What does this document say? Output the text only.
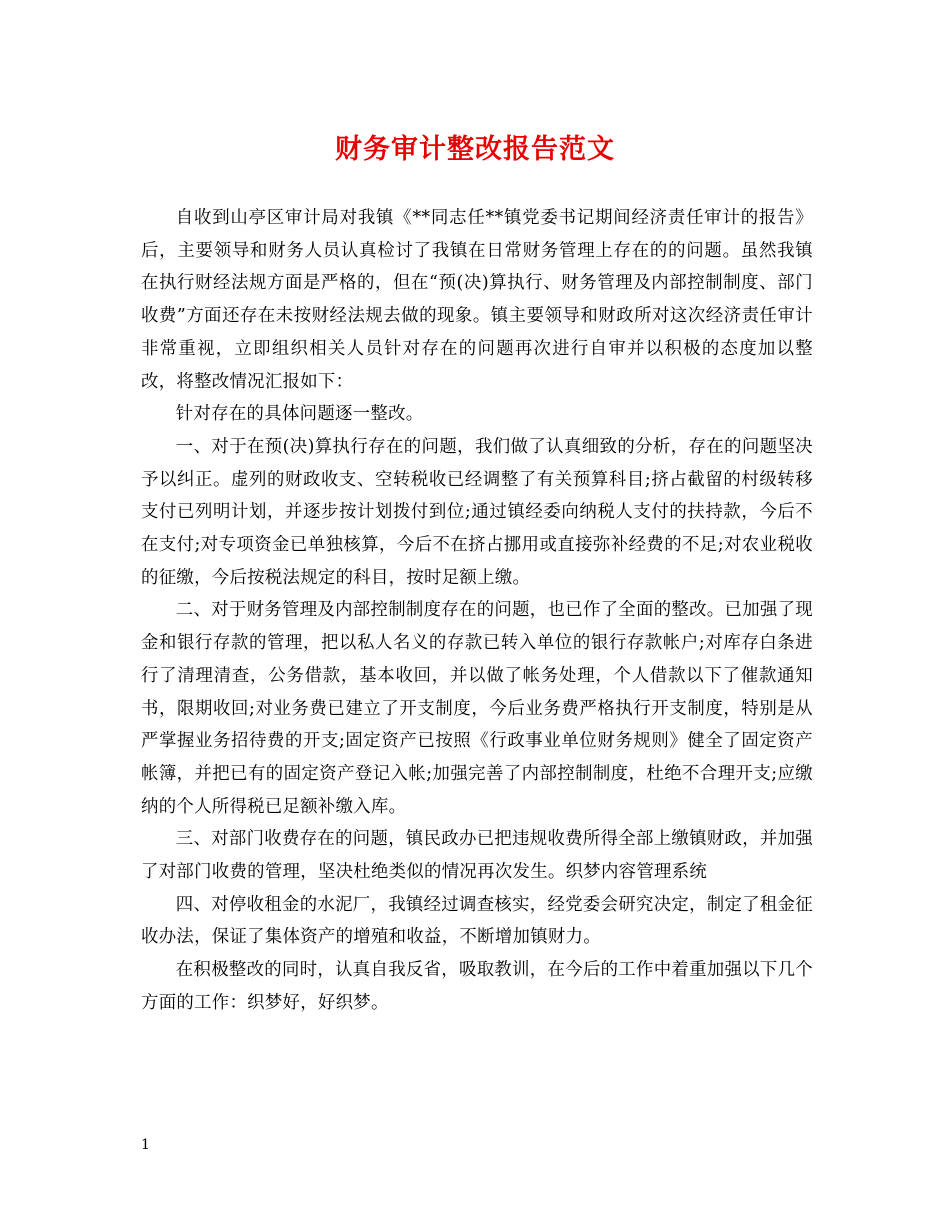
财务审计整改报告范文

自收到山亭区审计局对我镇《**同志任**镇党委书记期间经济责任审计的报告》后，主要领导和财务人员认真检讨了我镇在日常财务管理上存在的的问题。虽然我镇在执行财经法规方面是严格的，但在“预(决)算执行、财务管理及内部控制制度、部门收费”方面还存在未按财经法规去做的现象。镇主要领导和财政所对这次经济责任审计非常重视，立即组织相关人员针对存在的问题再次进行自审并以积极的态度加以整改，将整改情况汇报如下：

针对存在的具体问题逐一整改。

一、对于在预(决)算执行存在的问题，我们做了认真细致的分析，存在的问题坚决予以纠正。虚列的财政收支、空转税收已经调整了有关预算科目;挤占截留的村级转移支付已列明计划，并逐步按计划拨付到位;通过镇经委向纳税人支付的扶持款，今后不在支付;对专项资金已单独核算，今后不在挤占挪用或直接弥补经费的不足;对农业税收的征缴，今后按税法规定的科目，按时足额上缴。

二、对于财务管理及内部控制制度存在的问题，也已作了全面的整改。已加强了现金和银行存款的管理，把以私人名义的存款已转入单位的银行存款帐户;对库存白条进行了清理清查，公务借款，基本收回，并以做了帐务处理，个人借款以下了催款通知书，限期收回;对业务费已建立了开支制度，今后业务费严格执行开支制度，特别是从严掌握业务招待费的开支;固定资产已按照《行政事业单位财务规则》健全了固定资产帐簿，并把已有的固定资产登记入帐;加强完善了内部控制制度，杜绝不合理开支;应缴纳的个人所得税已足额补缴入库。

三、对部门收费存在的问题，镇民政办已把违规收费所得全部上缴镇财政，并加强了对部门收费的管理，坚决杜绝类似的情况再次发生。织梦内容管理系统

四、对停收租金的水泥厂，我镇经过调查核实，经党委会研究决定，制定了租金征收办法，保证了集体资产的增殖和收益，不断增加镇财力。

在积极整改的同时，认真自我反省，吸取教训，在今后的工作中着重加强以下几个方面的工作：织梦好，好织梦。

1
